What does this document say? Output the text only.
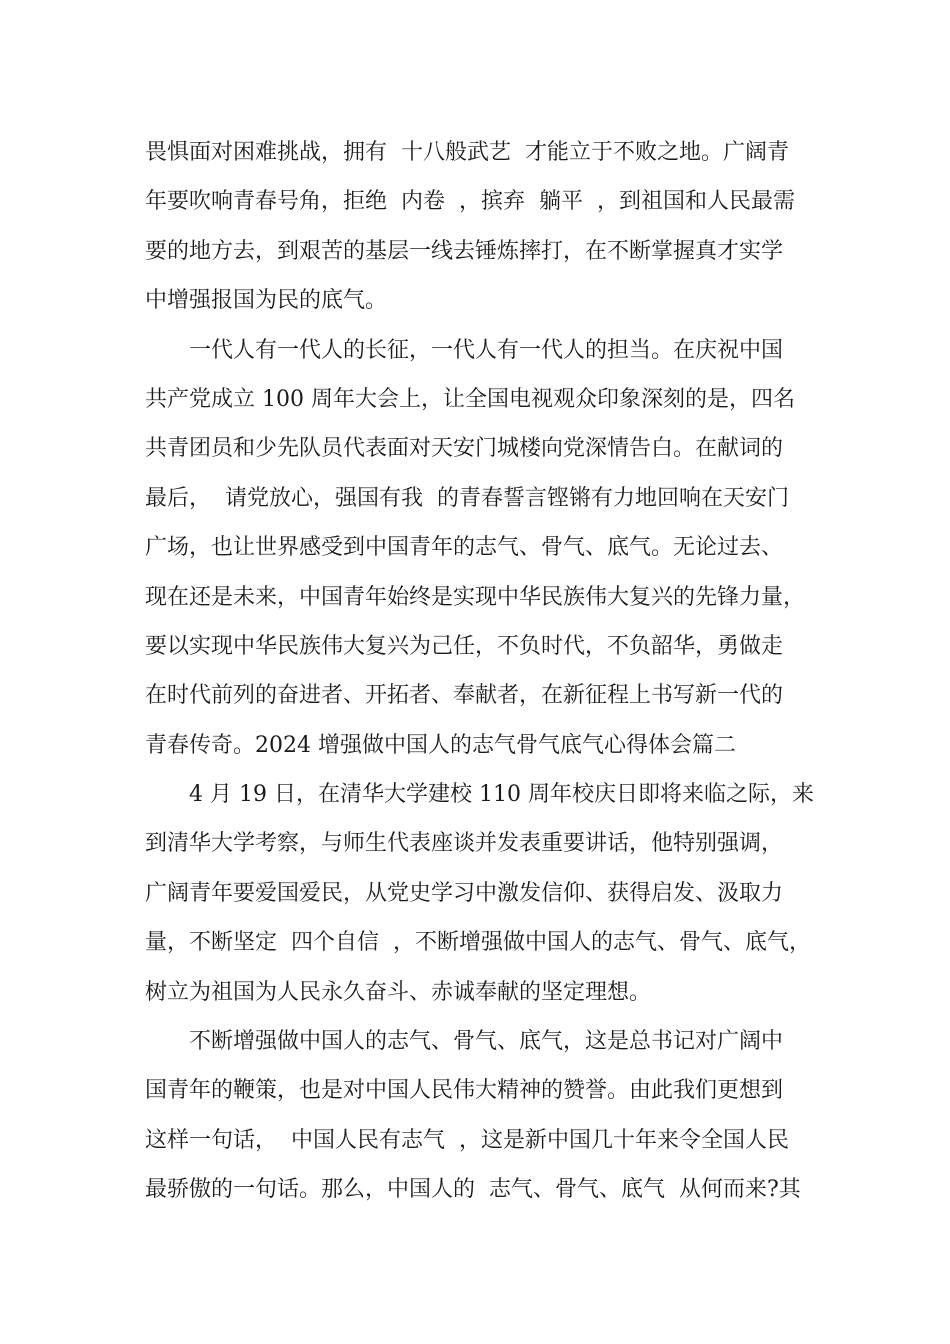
畏惧面对困难挑战，拥有  十八般武艺  才能立于不败之地。广阔青
年要吹响青春号角，拒绝  内卷  ，摈弃  躺平  ，到祖国和人民最需
要的地方去，到艰苦的基层一线去锤炼摔打，在不断掌握真才实学
中增强报国为民的底气。
一代人有一代人的长征，一代人有一代人的担当。在庆祝中国
共产党成立 100 周年大会上，让全国电视观众印象深刻的是，四名
共青团员和少先队员代表面对天安门城楼向党深情告白。在献词的
最后，  请党放心，强国有我  的青春誓言铿锵有力地回响在天安门
广场，也让世界感受到中国青年的志气、骨气、底气。无论过去、
现在还是未来，中国青年始终是实现中华民族伟大复兴的先锋力量，
要以实现中华民族伟大复兴为己任，不负时代，不负韶华，勇做走
在时代前列的奋进者、开拓者、奉献者，在新征程上书写新一代的
青春传奇。2024 增强做中国人的志气骨气底气心得体会篇二
4 月 19 日，在清华大学建校 110 周年校庆日即将来临之际，来
到清华大学考察，与师生代表座谈并发表重要讲话，他特别强调，
广阔青年要爱国爱民，从党史学习中激发信仰、获得启发、汲取力
量，不断坚定  四个自信  ，不断增强做中国人的志气、骨气、底气，
树立为祖国为人民永久奋斗、赤诚奉献的坚定理想。
不断增强做中国人的志气、骨气、底气，这是总书记对广阔中
国青年的鞭策，也是对中国人民伟大精神的赞誉。由此我们更想到
这样一句话，  中国人民有志气  ，这是新中国几十年来令全国人民
最骄傲的一句话。那么，中国人的  志气、骨气、底气  从何而来?其
